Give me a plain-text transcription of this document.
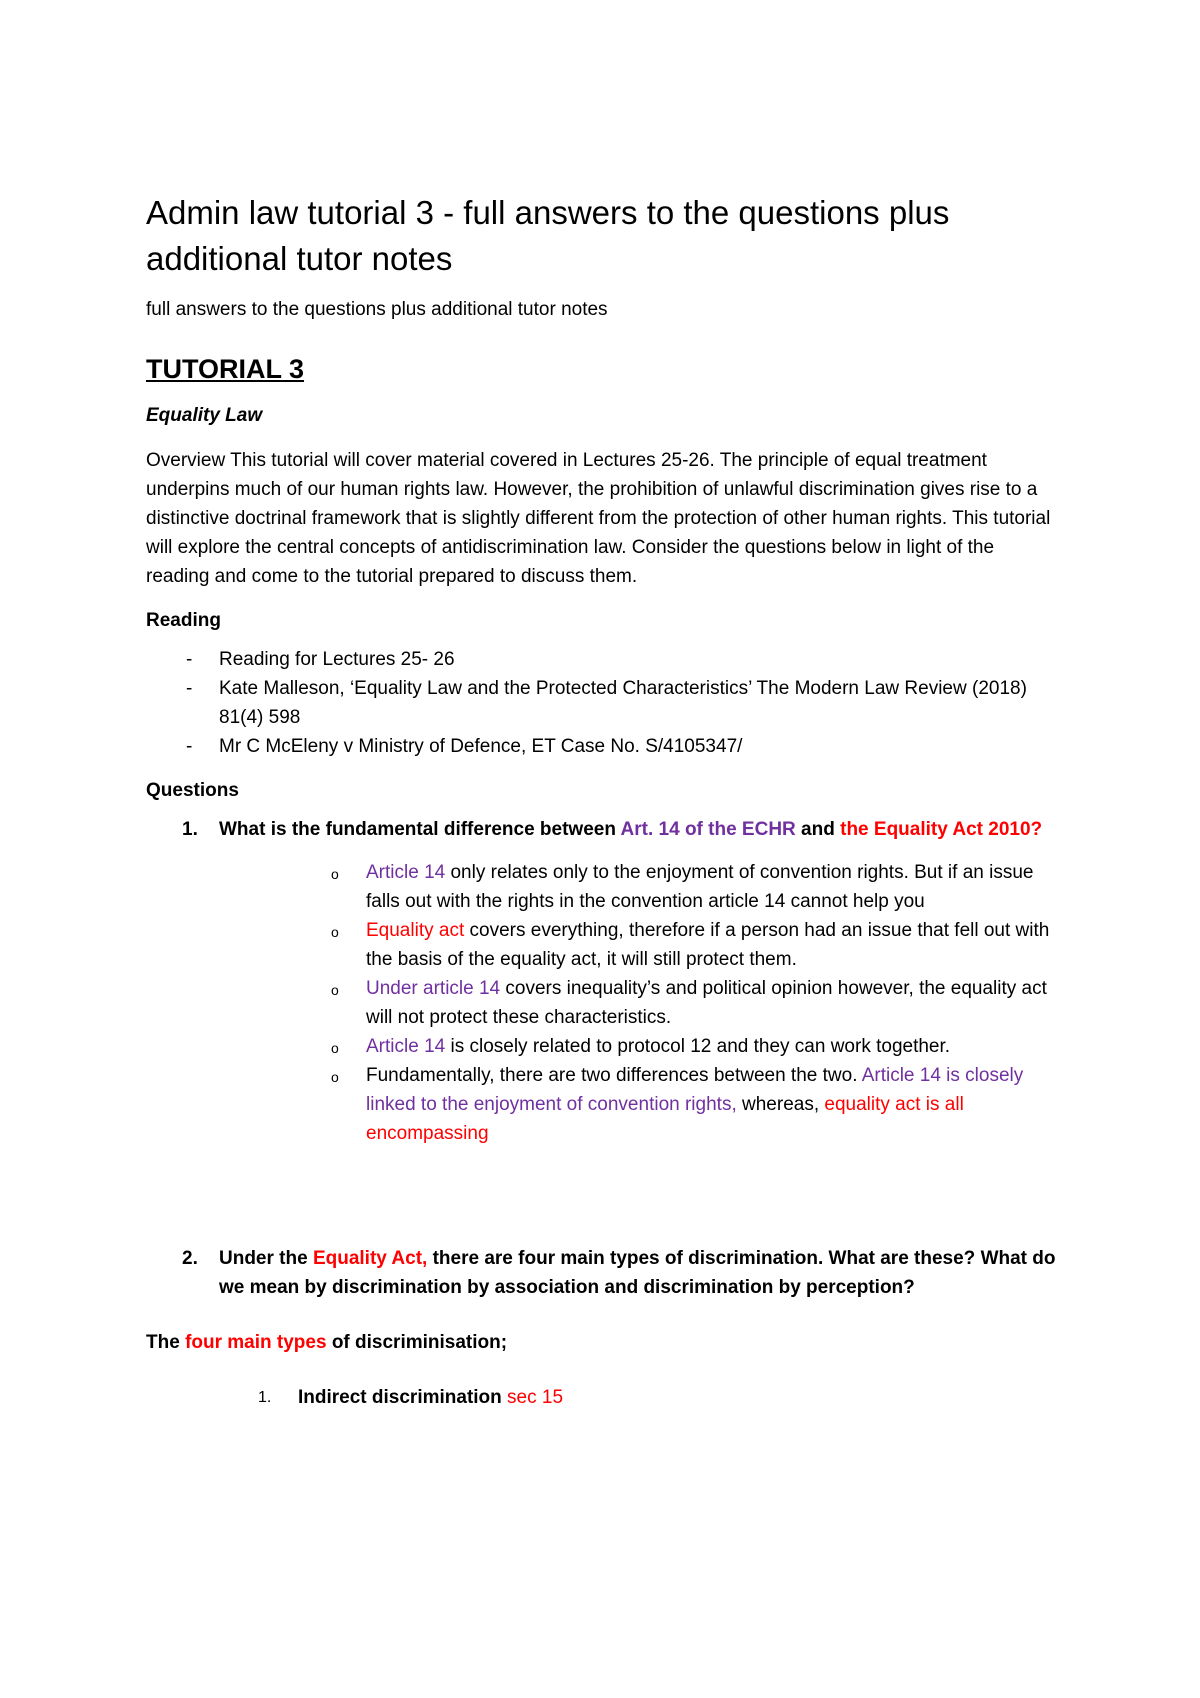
Admin law tutorial 3 - full answers to the questions plus additional tutor notes

full answers to the questions plus additional tutor notes

TUTORIAL 3

Equality Law

Overview This tutorial will cover material covered in Lectures 25-26. The principle of equal treatment underpins much of our human rights law. However, the prohibition of unlawful discrimination gives rise to a distinctive doctrinal framework that is slightly different from the protection of other human rights. This tutorial will explore the central concepts of antidiscrimination law. Consider the questions below in light of the reading and come to the tutorial prepared to discuss them.

Reading

- Reading for Lectures 25- 26
- Kate Malleson, ‘Equality Law and the Protected Characteristics’ The Modern Law Review (2018) 81(4) 598
- Mr C McEleny v Ministry of Defence, ET Case No. S/4105347/

Questions

1. What is the fundamental difference between Art. 14 of the ECHR and the Equality Act 2010?
o Article 14 only relates only to the enjoyment of convention rights. But if an issue falls out with the rights in the convention article 14 cannot help you
o Equality act covers everything, therefore if a person had an issue that fell out with the basis of the equality act, it will still protect them.
o Under article 14 covers inequality’s and political opinion however, the equality act will not protect these characteristics.
o Article 14 is closely related to protocol 12 and they can work together.
o Fundamentally, there are two differences between the two. Article 14 is closely linked to the enjoyment of convention rights, whereas, equality act is all encompassing
2. Under the Equality Act, there are four main types of discrimination. What are these? What do we mean by discrimination by association and discrimination by perception?

The four main types of discriminisation;

1. Indirect discrimination sec 15
